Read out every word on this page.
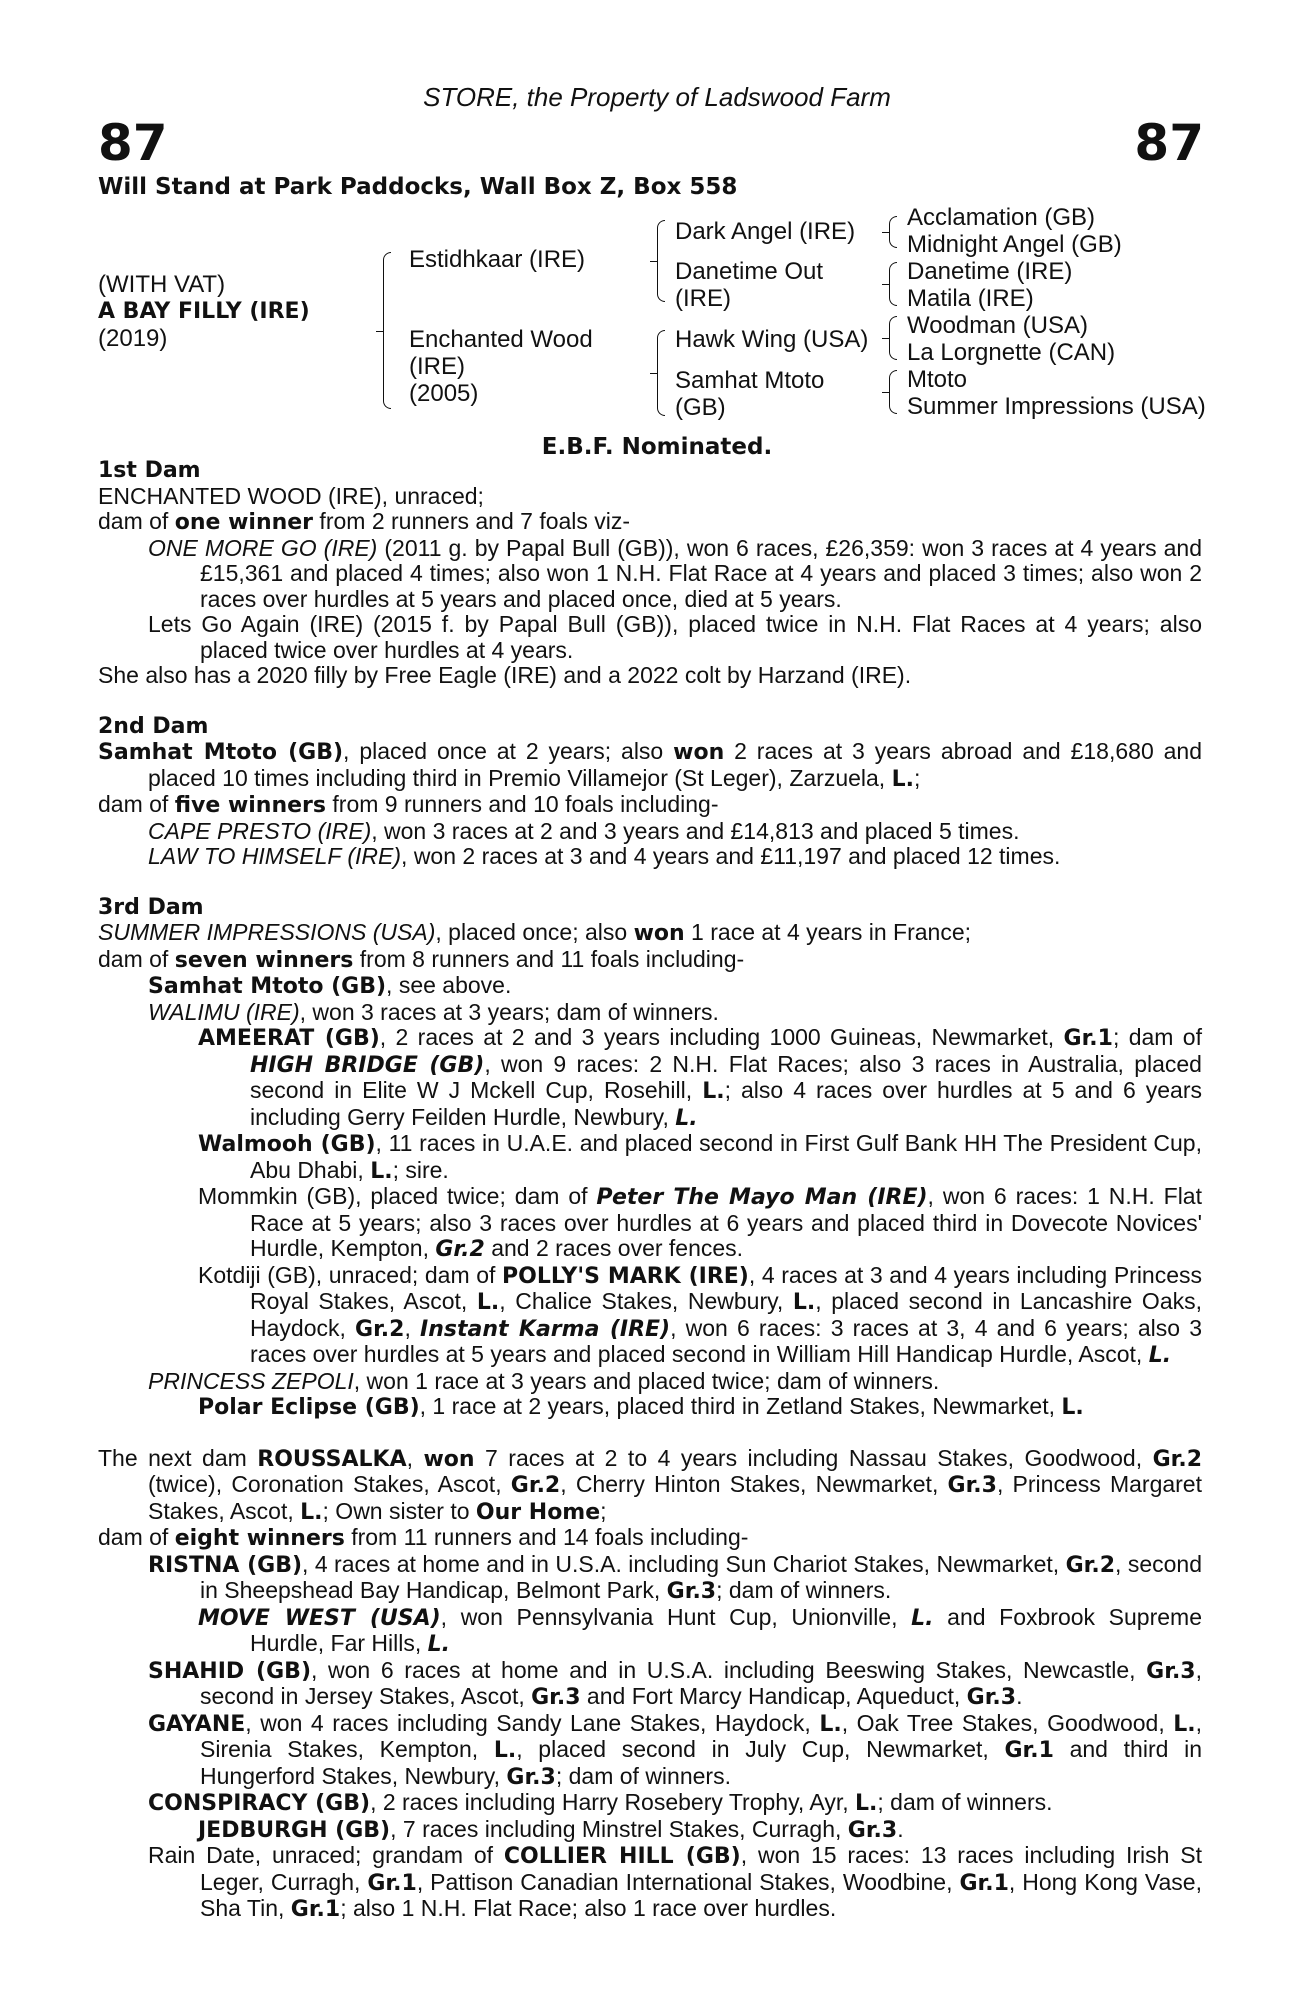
STORE, the Property of Ladswood Farm
87	87
Will Stand at Park Paddocks, Wall Box Z, Box 558
(WITH VAT)
A BAY FILLY (IRE)
(2019)
Estidhkaar (IRE)
Enchanted Wood
(IRE)
(2005)
Dark Angel (IRE)
Danetime Out
(IRE)
Hawk Wing (USA)
Samhat Mtoto
(GB)
Acclamation (GB)
Midnight Angel (GB)
Danetime (IRE)
Matila (IRE)
Woodman (USA)
La Lorgnette (CAN)
Mtoto
Summer Impressions (USA)
E.B.F. Nominated.

1st Dam

ENCHANTED WOOD (IRE), unraced;

dam of one winner from 2 runners and 7 foals viz-

ONE MORE GO (IRE) (2011 g. by Papal Bull (GB)), won 6 races, £26,359: won 3 races at 4 years and £15,361 and placed 4 times; also won 1 N.H. Flat Race at 4 years and placed 3 times; also won 2 races over hurdles at 5 years and placed once, died at 5 years.

Lets Go Again (IRE) (2015 f. by Papal Bull (GB)), placed twice in N.H. Flat Races at 4 years; also placed twice over hurdles at 4 years.

She also has a 2020 filly by Free Eagle (IRE) and a 2022 colt by Harzand (IRE).

2nd Dam

Samhat Mtoto (GB), placed once at 2 years; also won 2 races at 3 years abroad and £18,680 and placed 10 times including third in Premio Villamejor (St Leger), Zarzuela, L.;

dam of five winners from 9 runners and 10 foals including-

CAPE PRESTO (IRE), won 3 races at 2 and 3 years and £14,813 and placed 5 times.

LAW TO HIMSELF (IRE), won 2 races at 3 and 4 years and £11,197 and placed 12 times.

3rd Dam

SUMMER IMPRESSIONS (USA), placed once; also won 1 race at 4 years in France;

dam of seven winners from 8 runners and 11 foals including-

Samhat Mtoto (GB), see above.

WALIMU (IRE), won 3 races at 3 years; dam of winners.

AMEERAT (GB), 2 races at 2 and 3 years including 1000 Guineas, Newmarket, Gr.1; dam of HIGH BRIDGE (GB), won 9 races: 2 N.H. Flat Races; also 3 races in Australia, placed second in Elite W J Mckell Cup, Rosehill, L.; also 4 races over hurdles at 5 and 6 years including Gerry Feilden Hurdle, Newbury, L.

Walmooh (GB), 11 races in U.A.E. and placed second in First Gulf Bank HH The President Cup, Abu Dhabi, L.; sire.

Mommkin (GB), placed twice; dam of Peter The Mayo Man (IRE), won 6 races: 1 N.H. Flat Race at 5 years; also 3 races over hurdles at 6 years and placed third in Dovecote Novices' Hurdle, Kempton, Gr.2 and 2 races over fences.

Kotdiji (GB), unraced; dam of POLLY'S MARK (IRE), 4 races at 3 and 4 years including Princess Royal Stakes, Ascot, L., Chalice Stakes, Newbury, L., placed second in Lancashire Oaks, Haydock, Gr.2, Instant Karma (IRE), won 6 races: 3 races at 3, 4 and 6 years; also 3 races over hurdles at 5 years and placed second in William Hill Handicap Hurdle, Ascot, L.

PRINCESS ZEPOLI, won 1 race at 3 years and placed twice; dam of winners.

Polar Eclipse (GB), 1 race at 2 years, placed third in Zetland Stakes, Newmarket, L.

The next dam ROUSSALKA, won 7 races at 2 to 4 years including Nassau Stakes, Goodwood, Gr.2 (twice), Coronation Stakes, Ascot, Gr.2, Cherry Hinton Stakes, Newmarket, Gr.3, Princess Margaret Stakes, Ascot, L.; Own sister to Our Home;

dam of eight winners from 11 runners and 14 foals including-

RISTNA (GB), 4 races at home and in U.S.A. including Sun Chariot Stakes, Newmarket, Gr.2, second in Sheepshead Bay Handicap, Belmont Park, Gr.3; dam of winners.

MOVE WEST (USA), won Pennsylvania Hunt Cup, Unionville, L. and Foxbrook Supreme Hurdle, Far Hills, L.

SHAHID (GB), won 6 races at home and in U.S.A. including Beeswing Stakes, Newcastle, Gr.3, second in Jersey Stakes, Ascot, Gr.3 and Fort Marcy Handicap, Aqueduct, Gr.3.

GAYANE, won 4 races including Sandy Lane Stakes, Haydock, L., Oak Tree Stakes, Goodwood, L., Sirenia Stakes, Kempton, L., placed second in July Cup, Newmarket, Gr.1 and third in Hungerford Stakes, Newbury, Gr.3; dam of winners.

CONSPIRACY (GB), 2 races including Harry Rosebery Trophy, Ayr, L.; dam of winners.

JEDBURGH (GB), 7 races including Minstrel Stakes, Curragh, Gr.3.

Rain Date, unraced; grandam of COLLIER HILL (GB), won 15 races: 13 races including Irish St Leger, Curragh, Gr.1, Pattison Canadian International Stakes, Woodbine, Gr.1, Hong Kong Vase, Sha Tin, Gr.1; also 1 N.H. Flat Race; also 1 race over hurdles.
